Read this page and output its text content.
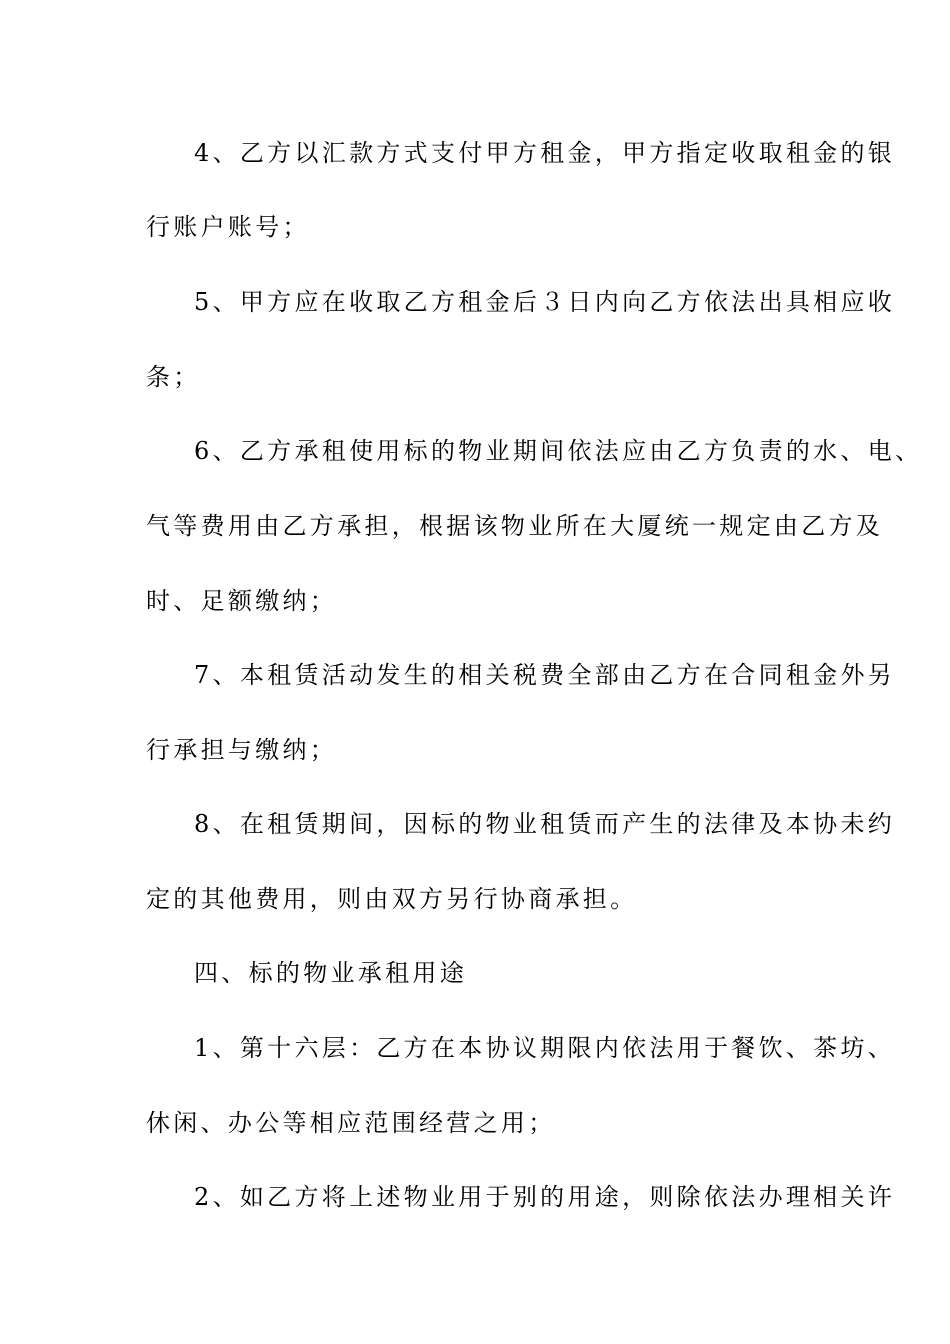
4、乙方以汇款方式支付甲方租金，甲方指定收取租金的银
行账户账号；
5、甲方应在收取乙方租金后３日内向乙方依法出具相应收
条；
6、乙方承租使用标的物业期间依法应由乙方负责的水、电、
气等费用由乙方承担，根据该物业所在大厦统一规定由乙方及
时、足额缴纳；
7、本租赁活动发生的相关税费全部由乙方在合同租金外另
行承担与缴纳；
8、在租赁期间，因标的物业租赁而产生的法律及本协未约
定的其他费用，则由双方另行协商承担。
四、标的物业承租用途
1、第十六层：乙方在本协议期限内依法用于餐饮、茶坊、
休闲、办公等相应范围经营之用；
2、如乙方将上述物业用于别的用途，则除依法办理相关许
